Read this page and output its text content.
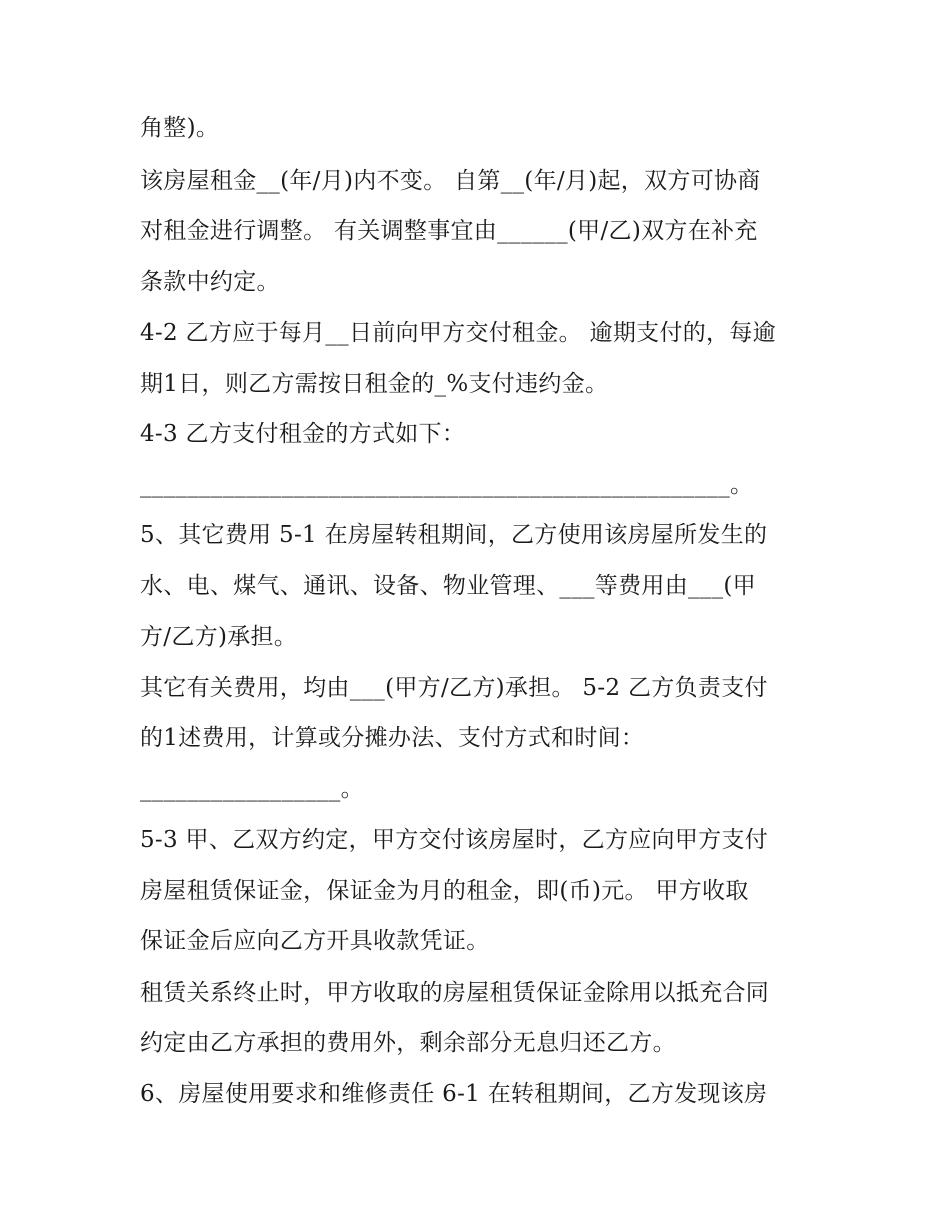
角整)。
该房屋租金__(年/月)内不变。 自第__(年/月)起，双方可协商
对租金进行调整。 有关调整事宜由______(甲/乙)双方在补充
条款中约定。
4-2 乙方应于每月__日前向甲方交付租金。 逾期支付的，每逾
期1日，则乙方需按日租金的_%支付违约金。
4-3 乙方支付租金的方式如下：
__________________________________________________。
5、其它费用 5-1 在房屋转租期间，乙方使用该房屋所发生的
水、电、煤气、通讯、设备、物业管理、___等费用由___(甲
方/乙方)承担。
其它有关费用，均由___(甲方/乙方)承担。 5-2 乙方负责支付
的1述费用，计算或分摊办法、支付方式和时间：
_________________。
5-3 甲、乙双方约定，甲方交付该房屋时，乙方应向甲方支付
房屋租赁保证金，保证金为月的租金，即(币)元。 甲方收取
保证金后应向乙方开具收款凭证。
租赁关系终止时，甲方收取的房屋租赁保证金除用以抵充合同
约定由乙方承担的费用外，剩余部分无息归还乙方。
6、房屋使用要求和维修责任 6-1 在转租期间，乙方发现该房
